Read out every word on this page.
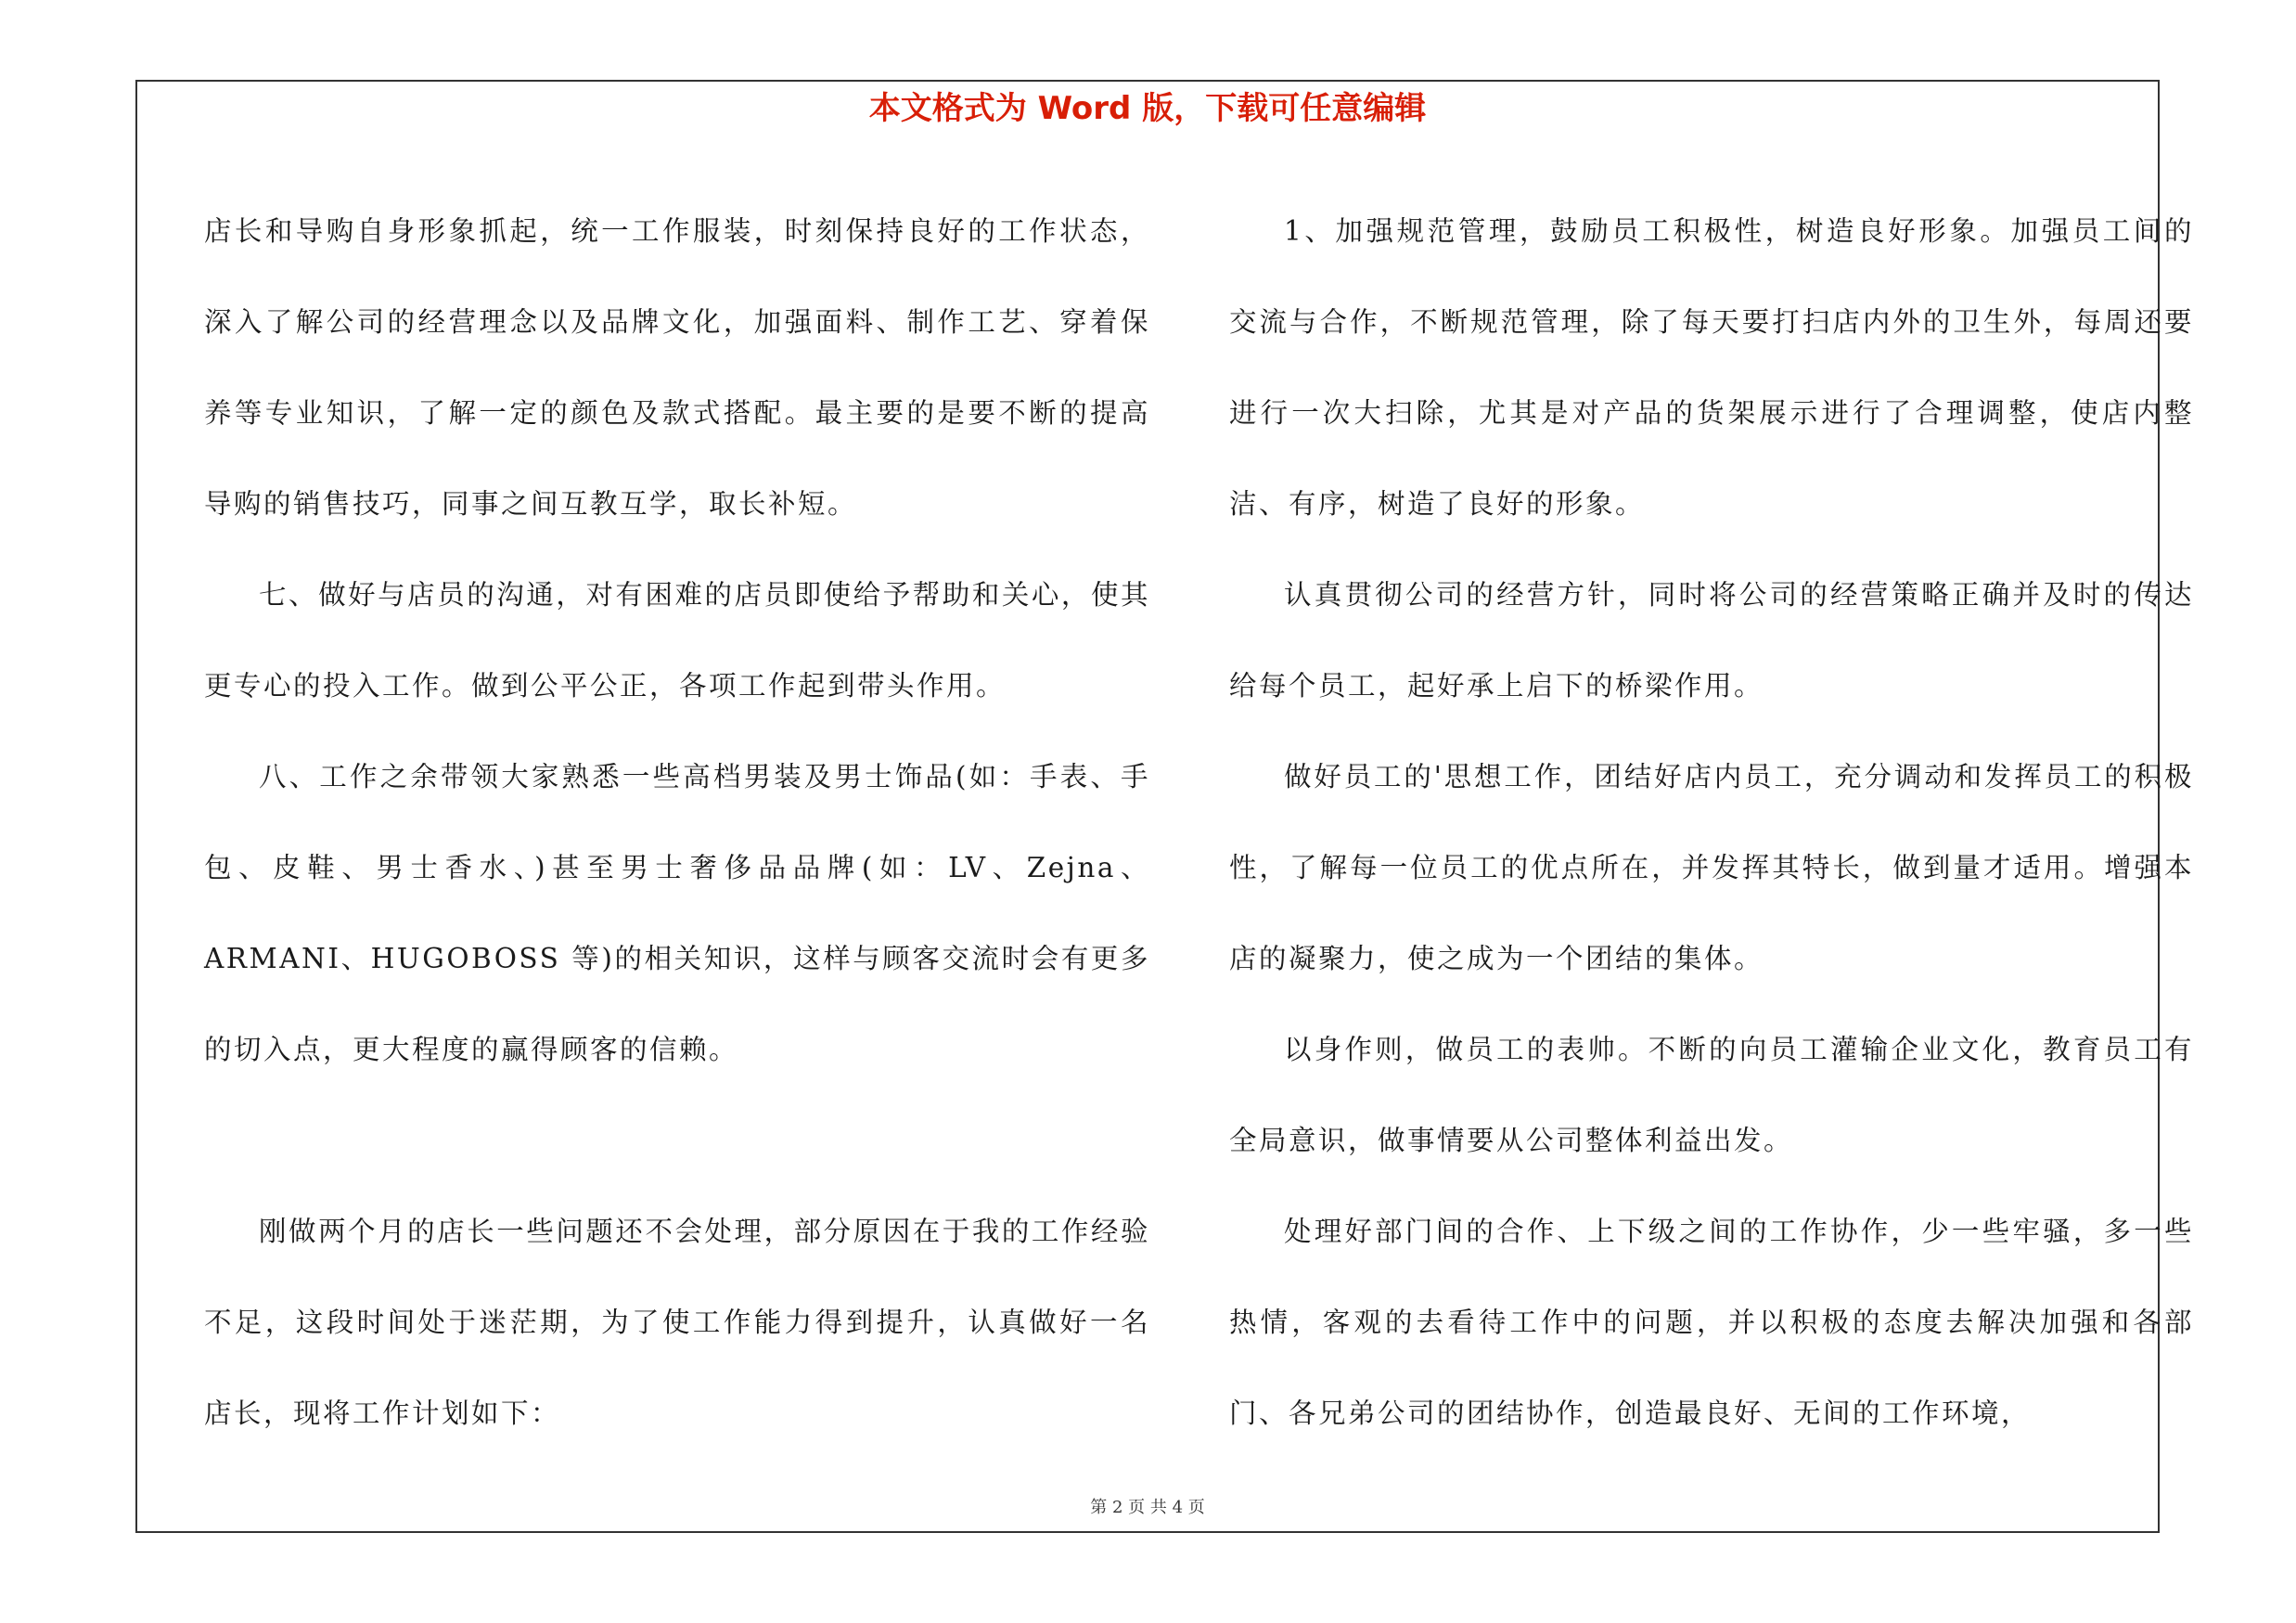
本文格式为 Word 版，下载可任意编辑

店长和导购自身形象抓起，统一工作服装，时刻保持良好的工作状态，深入了解公司的经营理念以及品牌文化，加强面料、制作工艺、穿着保养等专业知识，了解一定的颜色及款式搭配。最主要的是要不断的提高导购的销售技巧，同事之间互教互学，取长补短。

七、做好与店员的沟通，对有困难的店员即使给予帮助和关心，使其更专心的投入工作。做到公平公正，各项工作起到带头作用。

八、工作之余带领大家熟悉一些高档男装及男士饰品(如：手表、手包、皮鞋、男士香水、)甚至男士奢侈品品牌(如：LV、Zejna、ARMANI、HUGOBOSS 等)的相关知识，这样与顾客交流时会有更多的切入点，更大程度的赢得顾客的信赖。

刚做两个月的店长一些问题还不会处理，部分原因在于我的工作经验不足，这段时间处于迷茫期，为了使工作能力得到提升，认真做好一名店长，现将工作计划如下：

1、加强规范管理，鼓励员工积极性，树造良好形象。加强员工间的交流与合作，不断规范管理，除了每天要打扫店内外的卫生外，每周还要进行一次大扫除，尤其是对产品的货架展示进行了合理调整，使店内整洁、有序，树造了良好的形象。

认真贯彻公司的经营方针，同时将公司的经营策略正确并及时的传达给每个员工，起好承上启下的桥梁作用。

做好员工的'思想工作，团结好店内员工，充分调动和发挥员工的积极性，了解每一位员工的优点所在，并发挥其特长，做到量才适用。增强本店的凝聚力，使之成为一个团结的集体。

以身作则，做员工的表帅。不断的向员工灌输企业文化，教育员工有全局意识，做事情要从公司整体利益出发。

处理好部门间的合作、上下级之间的工作协作，少一些牢骚，多一些热情，客观的去看待工作中的问题，并以积极的态度去解决加强和各部门、各兄弟公司的团结协作，创造最良好、无间的工作环境，

第 2 页 共 4 页
